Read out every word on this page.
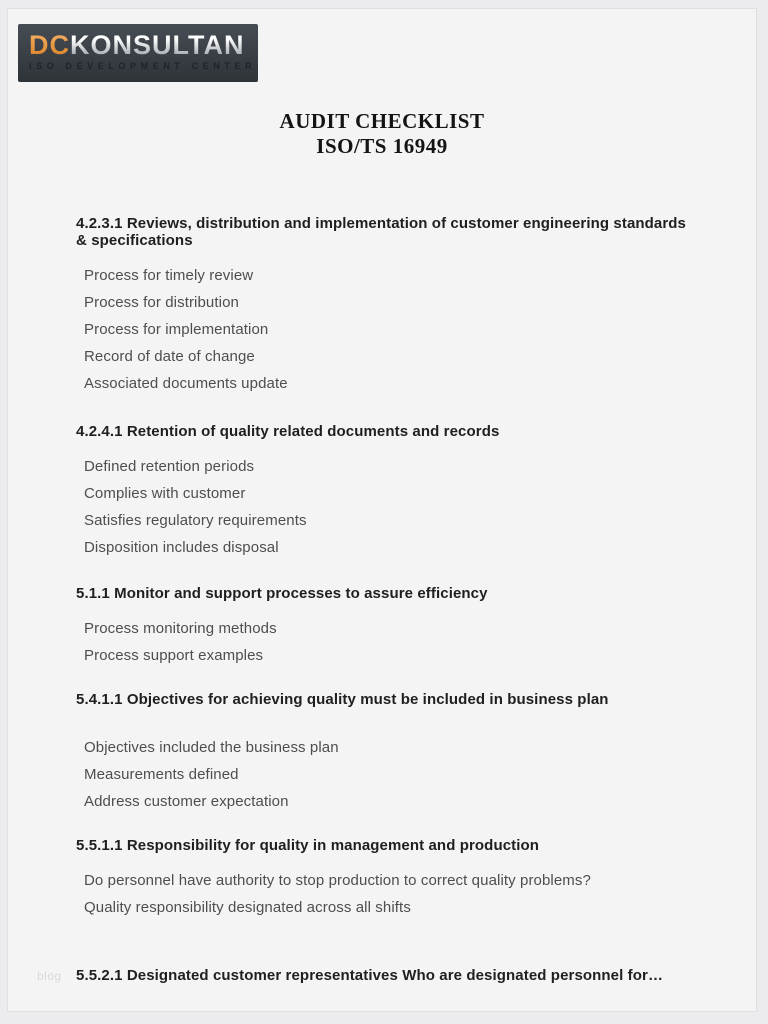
DCKONSULTAN
ISO DEVELOPMENT CENTER
AUDIT CHECKLIST
ISO/TS 16949
4.2.3.1 Reviews, distribution and implementation of customer engineering standards & specifications
Process for timely review
Process for distribution
Process for implementation
Record of date of change
Associated documents update
4.2.4.1 Retention of quality related documents and records
Defined retention periods
Complies with customer
Satisfies regulatory requirements
Disposition includes disposal
5.1.1 Monitor and support processes to assure efficiency
Process monitoring methods
Process support examples
5.4.1.1 Objectives for achieving quality must be included in business plan
Objectives included the business plan
Measurements defined
Address customer expectation
5.5.1.1 Responsibility for quality in management and production
Do personnel have authority to stop production to correct quality problems?
Quality responsibility designated across all shifts
5.5.2.1 Designated customer representatives Who are designated personnel for…
blog
